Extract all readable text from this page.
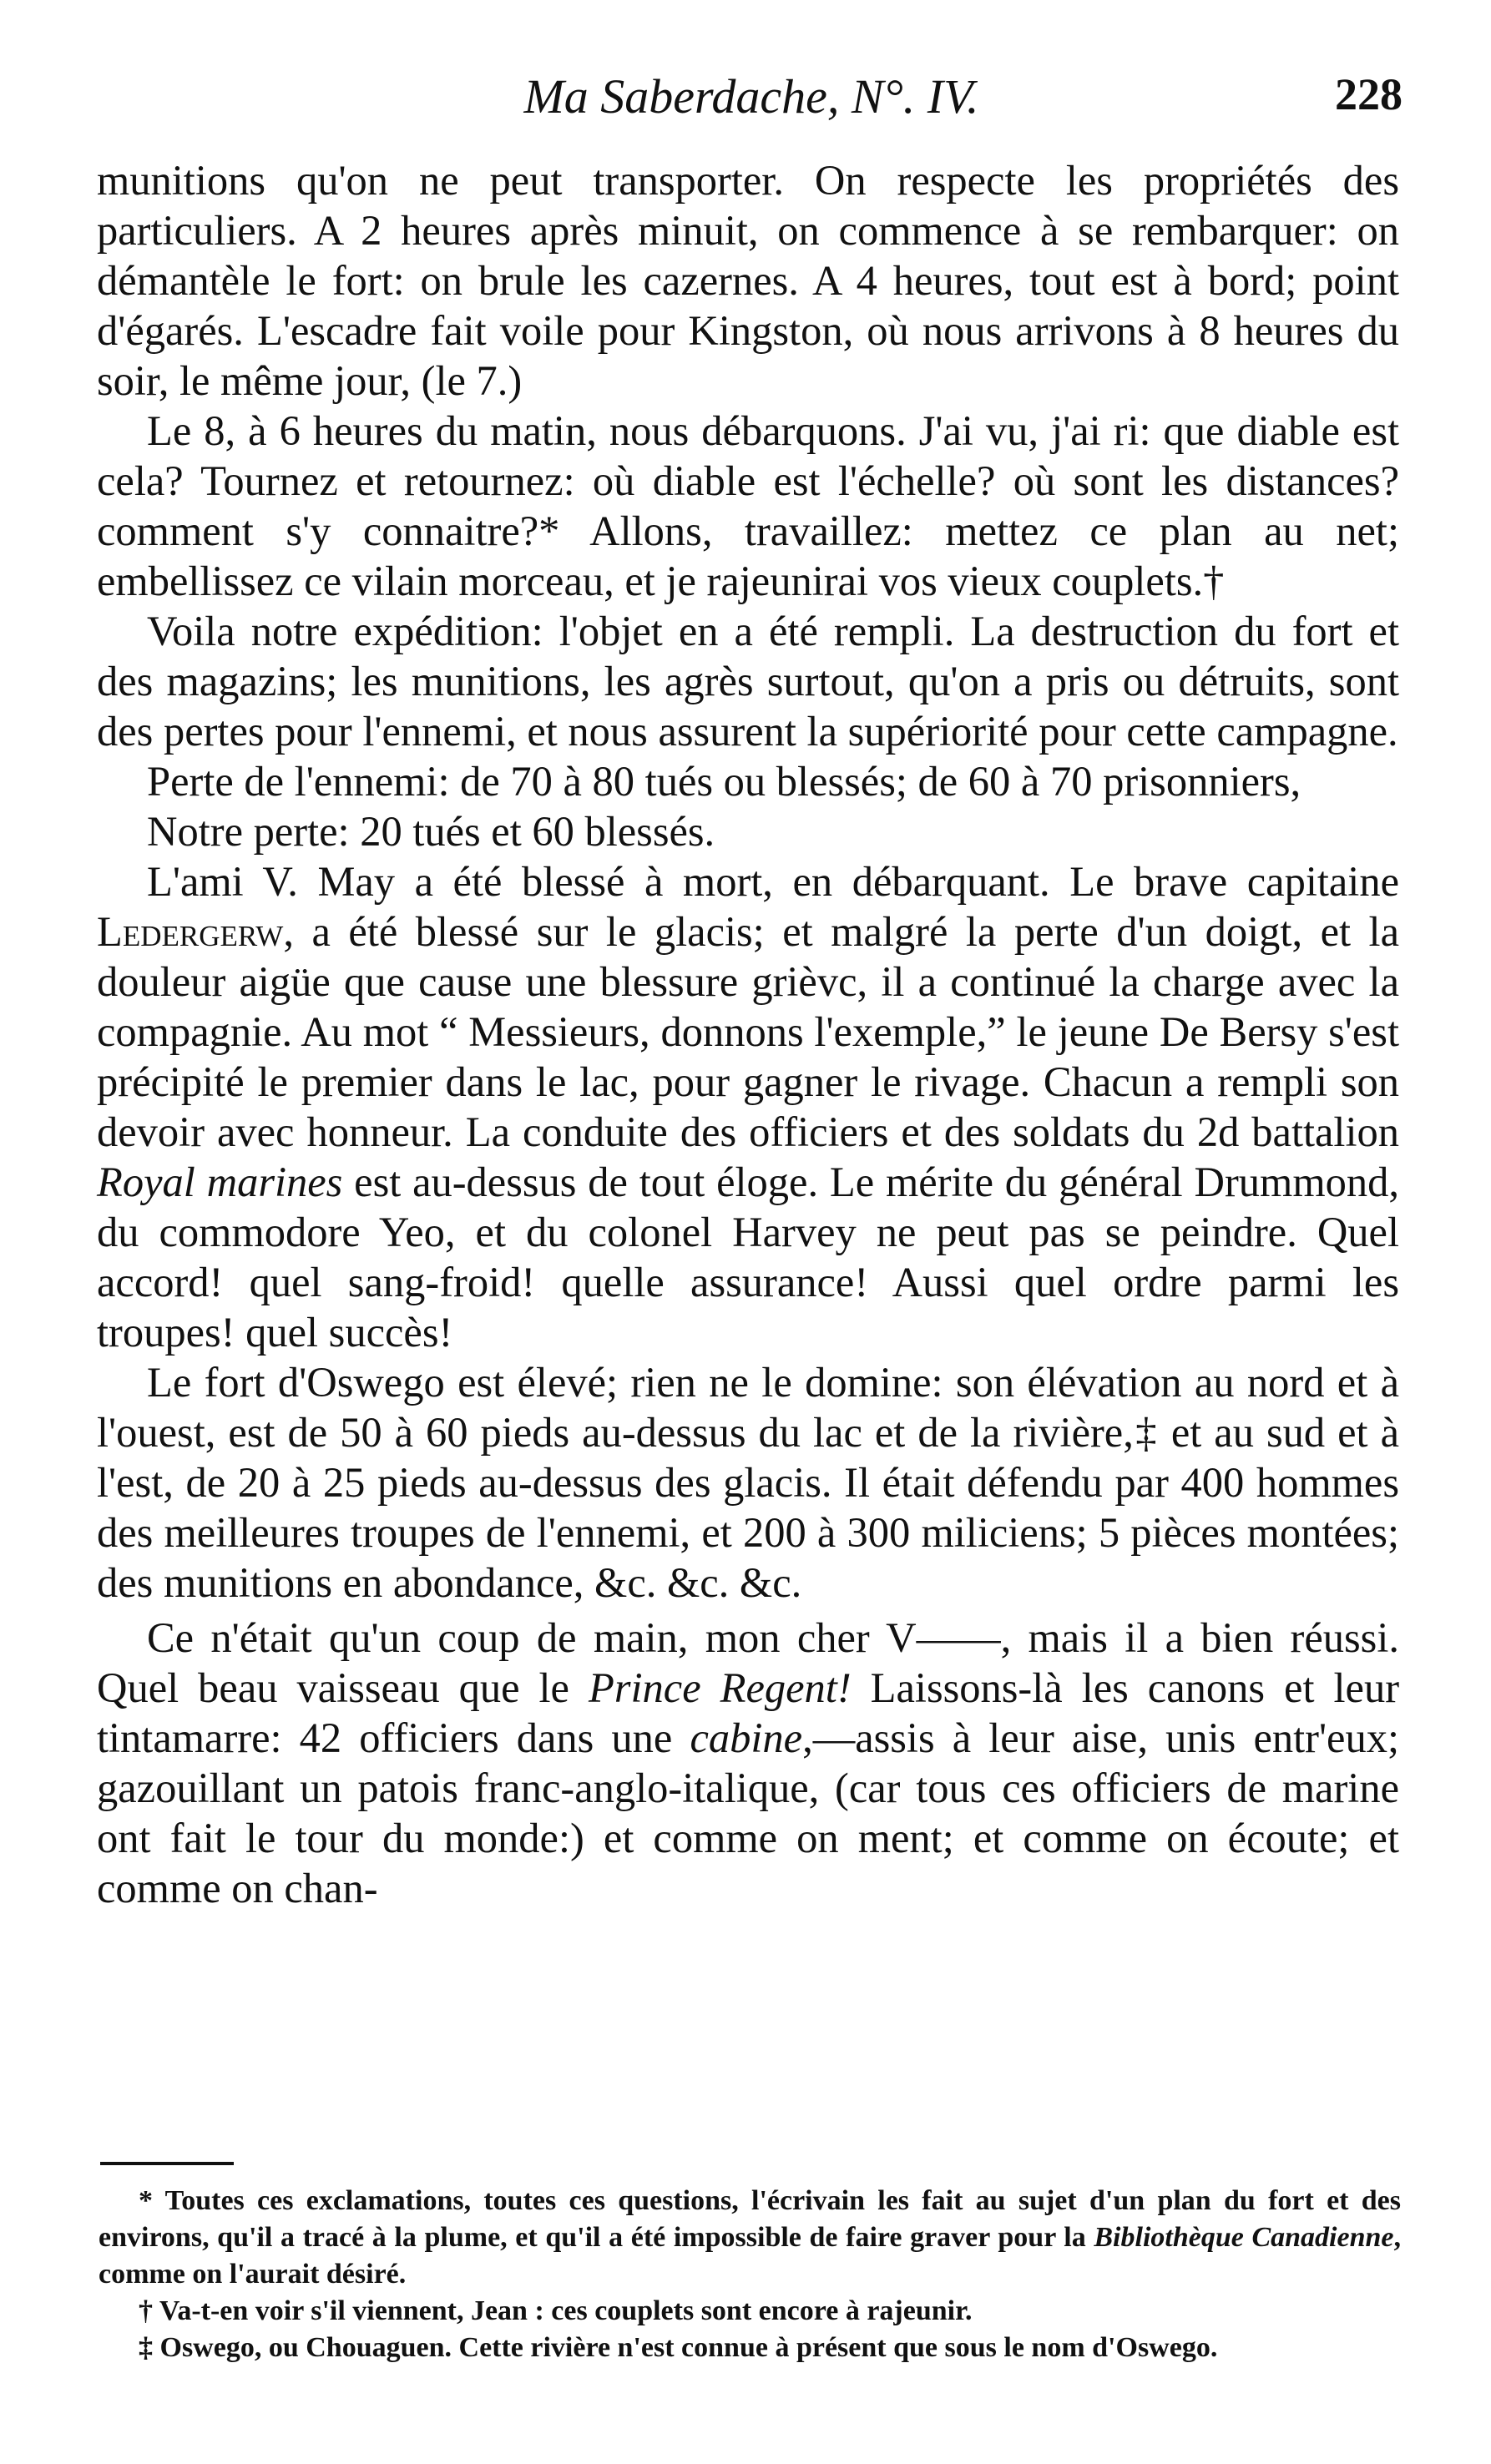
Ma Saberdache, N°. IV.	228

munitions qu'on ne peut transporter. On respecte les propriétés des particuliers. A 2 heures après minuit, on commence à se rembarquer: on démantèle le fort: on brule les cazernes. A 4 heures, tout est à bord; point d'égarés. L'escadre fait voile pour Kingston, où nous arrivons à 8 heures du soir, le même jour, (le 7.)

Le 8, à 6 heures du matin, nous débarquons. J'ai vu, j'ai ri: que diable est cela? Tournez et retournez: où diable est l'échelle? où sont les distances? comment s'y connaitre?* Allons, travaillez: mettez ce plan au net; embellissez ce vilain morceau, et je rajeunirai vos vieux couplets.†

Voila notre expédition: l'objet en a été rempli. La destruction du fort et des magazins; les munitions, les agrès surtout, qu'on a pris ou détruits, sont des pertes pour l'ennemi, et nous assurent la supériorité pour cette campagne.

Perte de l'ennemi: de 70 à 80 tués ou blessés; de 60 à 70 prisonniers,

Notre perte: 20 tués et 60 blessés.

L'ami V. May a été blessé à mort, en débarquant. Le brave capitaine Ledergerw, a été blessé sur le glacis; et malgré la perte d'un doigt, et la douleur aigüe que cause une blessure grièvc, il a continué la charge avec la compagnie. Au mot “ Messieurs, donnons l'exemple,” le jeune De Bersy s'est précipité le premier dans le lac, pour gagner le rivage. Chacun a rempli son devoir avec honneur. La conduite des officiers et des soldats du 2d battalion Royal marines est au-dessus de tout éloge. Le mérite du général Drummond, du commodore Yeo, et du colonel Harvey ne peut pas se peindre. Quel accord! quel sang-froid! quelle assurance! Aussi quel ordre parmi les troupes! quel succès!

Le fort d'Oswego est élevé; rien ne le domine: son élévation au nord et à l'ouest, est de 50 à 60 pieds au-dessus du lac et de la rivière,‡ et au sud et à l'est, de 20 à 25 pieds au-dessus des glacis. Il était défendu par 400 hommes des meilleures troupes de l'ennemi, et 200 à 300 miliciens; 5 pièces montées; des munitions en abondance, &c. &c. &c.

Ce n'était qu'un coup de main, mon cher V——, mais il a bien réussi. Quel beau vaisseau que le Prince Regent! Laissons-là les canons et leur tintamarre: 42 officiers dans une cabine,—assis à leur aise, unis entr'eux; gazouillant un patois franc-anglo-italique, (car tous ces officiers de marine ont fait le tour du monde:) et comme on ment; et comme on écoute; et comme on chan-

* Toutes ces exclamations, toutes ces questions, l'écrivain les fait au sujet d'un plan du fort et des environs, qu'il a tracé à la plume, et qu'il a été impossible de faire graver pour la Bibliothèque Canadienne, comme on l'aurait désiré.

† Va-t-en voir s'il viennent, Jean : ces couplets sont encore à rajeunir.

‡ Oswego, ou Chouaguen. Cette rivière n'est connue à présent que sous le nom d'Oswego.
